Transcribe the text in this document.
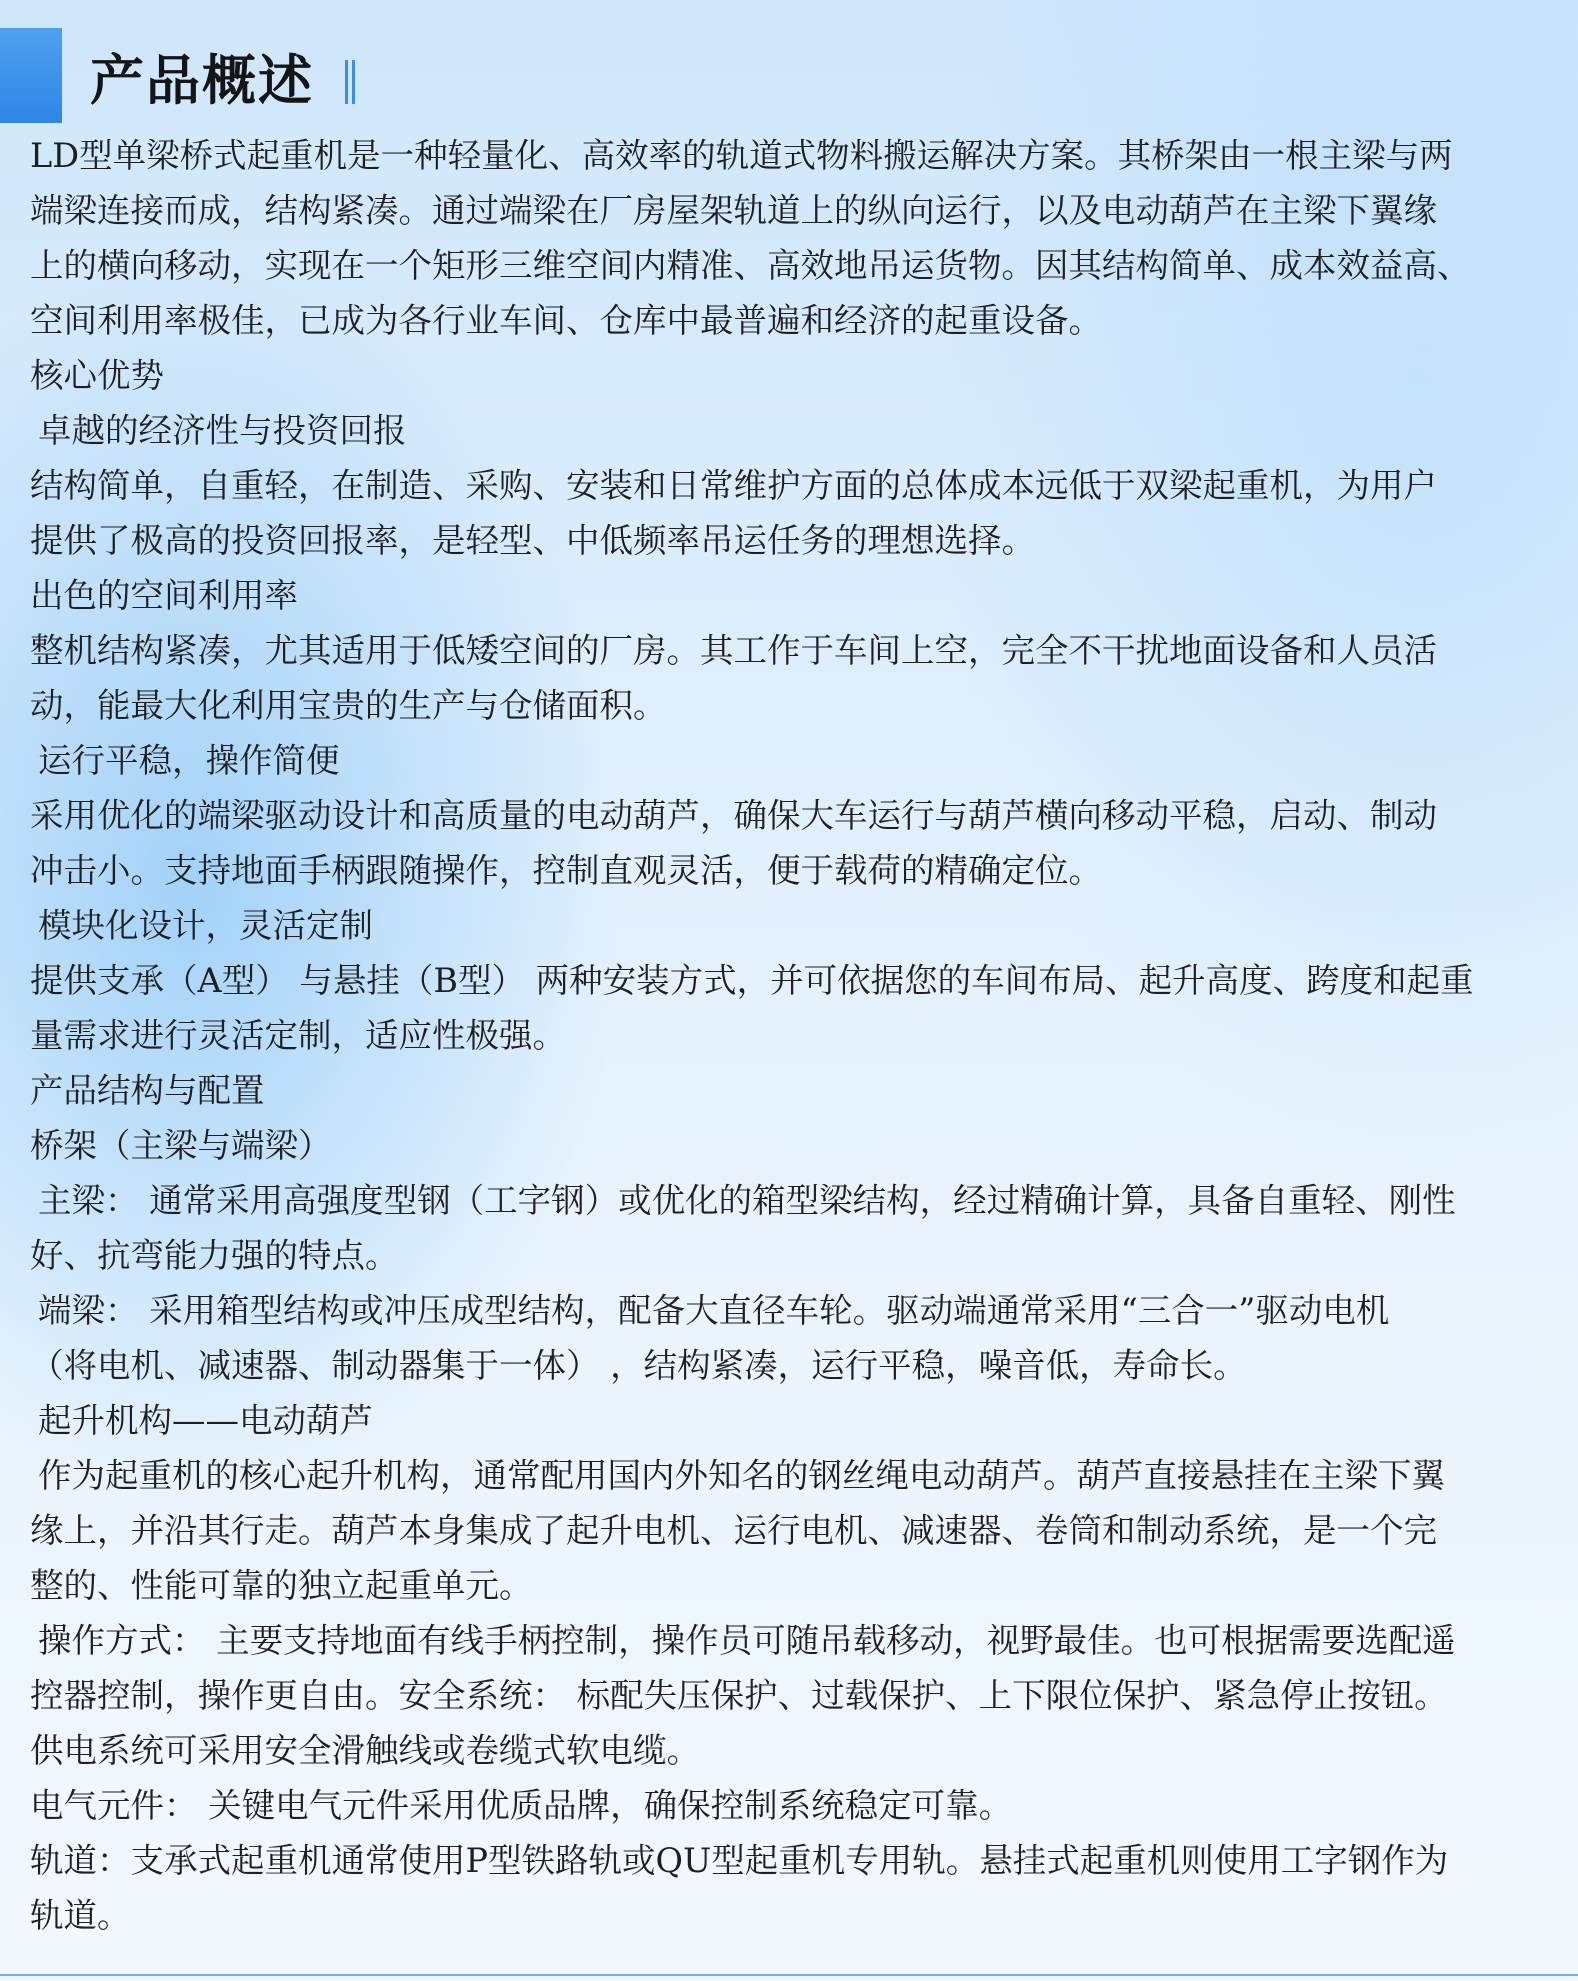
产品概述
LD型单梁桥式起重机是一种轻量化、高效率的轨道式物料搬运解决方案。其桥架由一根主梁与两
端梁连接而成，结构紧凑。通过端梁在厂房屋架轨道上的纵向运行，以及电动葫芦在主梁下翼缘
上的横向移动，实现在一个矩形三维空间内精准、高效地吊运货物。因其结构简单、成本效益高、
空间利用率极佳，已成为各行业车间、仓库中最普遍和经济的起重设备。
核心优势
卓越的经济性与投资回报
结构简单，自重轻，在制造、采购、安装和日常维护方面的总体成本远低于双梁起重机，为用户
提供了极高的投资回报率，是轻型、中低频率吊运任务的理想选择。
出色的空间利用率
整机结构紧凑，尤其适用于低矮空间的厂房。其工作于车间上空，完全不干扰地面设备和人员活
动，能最大化利用宝贵的生产与仓储面积。
运行平稳，操作简便
采用优化的端梁驱动设计和高质量的电动葫芦，确保大车运行与葫芦横向移动平稳，启动、制动
冲击小。支持地面手柄跟随操作，控制直观灵活，便于载荷的精确定位。
模块化设计，灵活定制
提供支承（A型） 与悬挂（B型） 两种安装方式，并可依据您的车间布局、起升高度、跨度和起重
量需求进行灵活定制，适应性极强。
产品结构与配置
桥架（主梁与端梁）
主梁： 通常采用高强度型钢（工字钢）或优化的箱型梁结构，经过精确计算，具备自重轻、刚性
好、抗弯能力强的特点。
端梁： 采用箱型结构或冲压成型结构，配备大直径车轮。驱动端通常采用“三合一”驱动电机
（将电机、减速器、制动器集于一体） ，结构紧凑，运行平稳，噪音低，寿命长。
起升机构——电动葫芦
作为起重机的核心起升机构，通常配用国内外知名的钢丝绳电动葫芦。葫芦直接悬挂在主梁下翼
缘上，并沿其行走。葫芦本身集成了起升电机、运行电机、减速器、卷筒和制动系统，是一个完
整的、性能可靠的独立起重单元。
操作方式： 主要支持地面有线手柄控制，操作员可随吊载移动，视野最佳。也可根据需要选配遥
控器控制，操作更自由。安全系统： 标配失压保护、过载保护、上下限位保护、紧急停止按钮。
供电系统可采用安全滑触线或卷缆式软电缆。
电气元件： 关键电气元件采用优质品牌，确保控制系统稳定可靠。
轨道：支承式起重机通常使用P型铁路轨或QU型起重机专用轨。悬挂式起重机则使用工字钢作为
轨道。
